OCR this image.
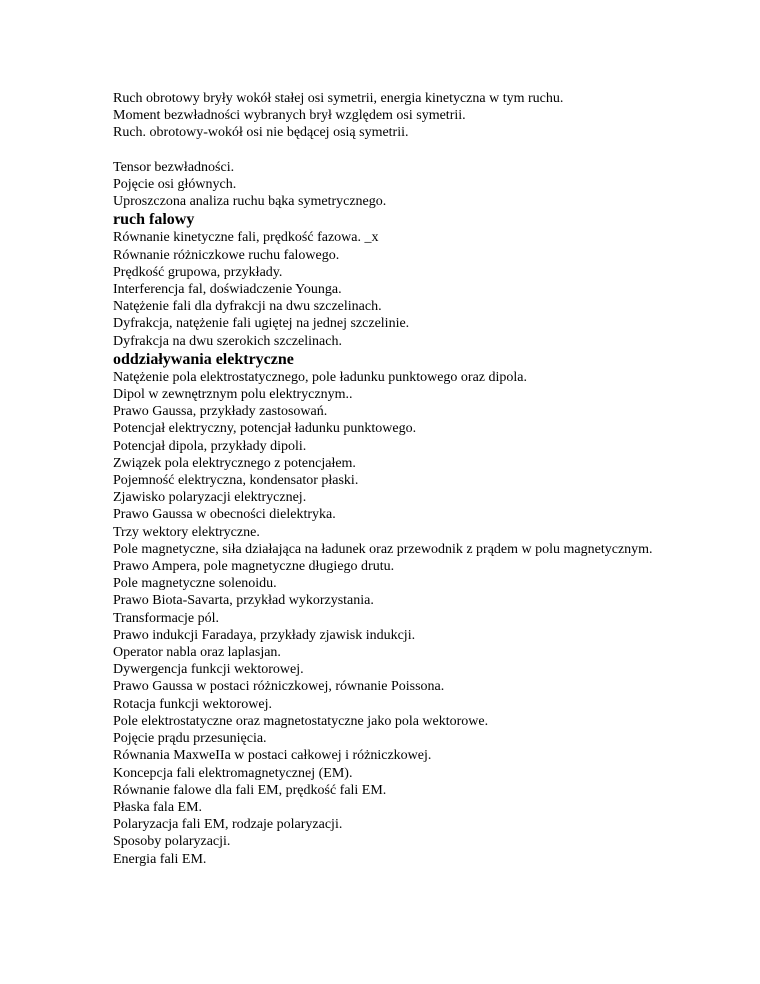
Ruch obrotowy bryły wokół stałej osi symetrii, energia kinetyczna w tym ruchu.

Moment bezwładności wybranych brył względem osi symetrii.

Ruch. obrotowy-wokół osi nie będącej osią symetrii.

Tensor bezwładności.

Pojęcie osi głównych.

Uproszczona analiza ruchu bąka symetrycznego.

ruch falowy

Równanie kinetyczne fali, prędkość fazowa. _x

Równanie różniczkowe ruchu falowego.

Prędkość grupowa, przykłady.

Interferencja fal, doświadczenie Younga.

Natężenie fali dla dyfrakcji na dwu szczelinach.

Dyfrakcja, natężenie fali ugiętej na jednej szczelinie.

Dyfrakcja na dwu szerokich szczelinach.

oddziaływania elektryczne

Natężenie pola elektrostatycznego, pole ładunku punktowego oraz dipola.

Dipol w zewnętrznym polu elektrycznym..

Prawo Gaussa, przykłady zastosowań.

Potencjał elektryczny, potencjał ładunku punktowego.

Potencjał dipola, przykłady dipoli.

Związek pola elektrycznego z potencjałem.

Pojemność elektryczna, kondensator płaski.

Zjawisko polaryzacji elektrycznej.

Prawo Gaussa w obecności dielektryka.

Trzy wektory elektryczne.

Pole magnetyczne, siła działająca na ładunek oraz przewodnik z prądem w polu magnetycznym.

Prawo Ampera, pole magnetyczne długiego drutu.

Pole magnetyczne solenoidu.

Prawo Biota-Savarta, przykład wykorzystania.

Transformacje pól.

Prawo indukcji Faradaya, przykłady zjawisk indukcji.

Operator nabla oraz laplasjan.

Dywergencja funkcji wektorowej.

Prawo Gaussa w postaci różniczkowej, równanie Poissona.

Rotacja funkcji wektorowej.

Pole elektrostatyczne oraz magnetostatyczne jako pola wektorowe.

Pojęcie prądu przesunięcia.

Równania MaxweIIa w postaci całkowej i różniczkowej.

Koncepcja fali elektromagnetycznej (EM).

Równanie falowe dla fali EM, prędkość fali EM.

Płaska fala EM.

Polaryzacja fali EM, rodzaje polaryzacji.

Sposoby polaryzacji.

Energia fali EM.
